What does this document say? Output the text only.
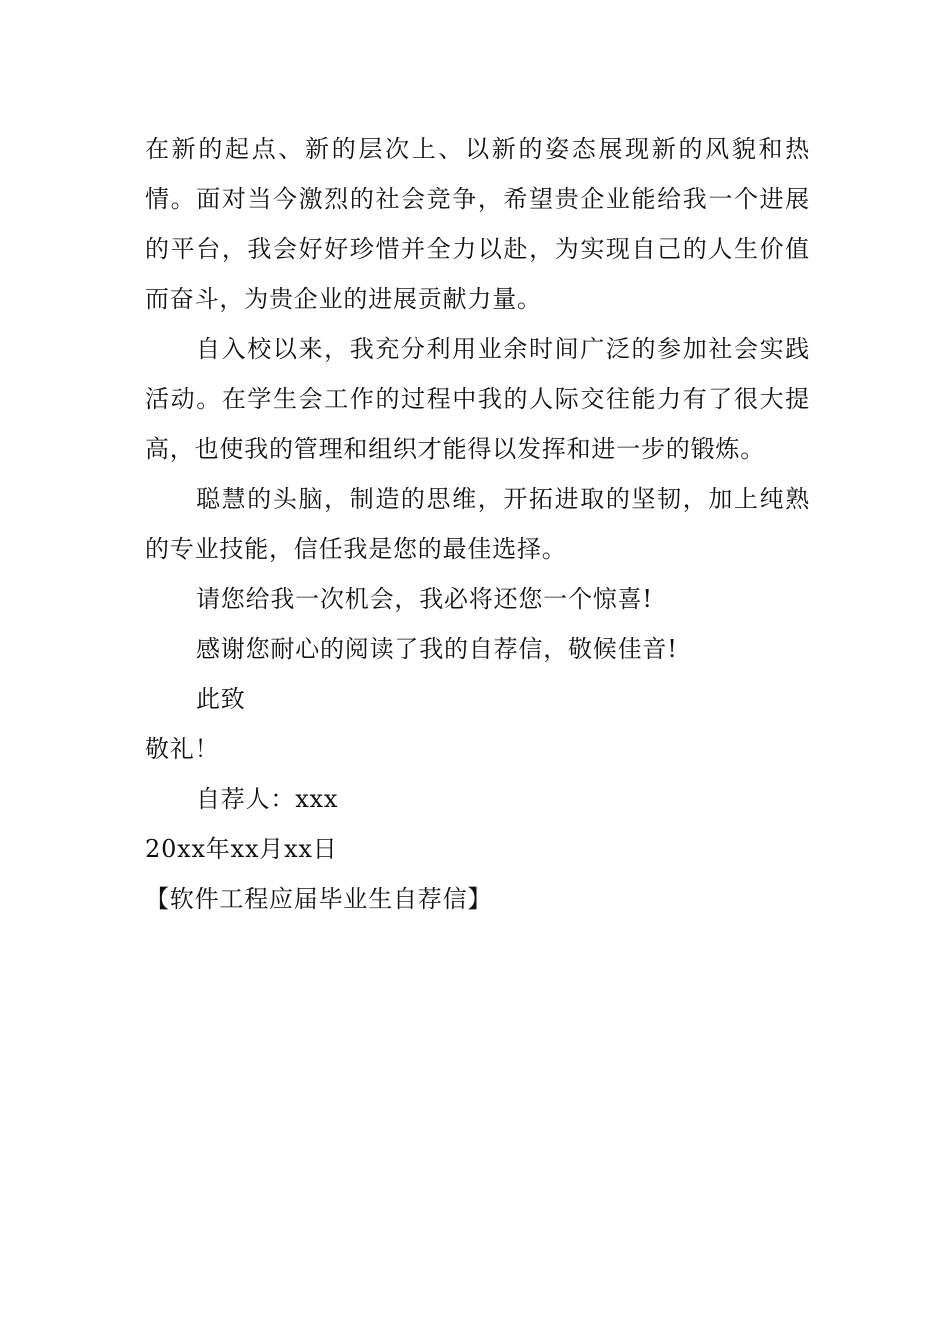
在新的起点、新的层次上、以新的姿态展现新的风貌和热情。面对当今激烈的社会竞争，希望贵企业能给我一个进展的平台，我会好好珍惜并全力以赴，为实现自己的人生价值而奋斗，为贵企业的进展贡献力量。

自入校以来，我充分利用业余时间广泛的参加社会实践活动。在学生会工作的过程中我的人际交往能力有了很大提高，也使我的管理和组织才能得以发挥和进一步的锻炼。

聪慧的头脑，制造的思维，开拓进取的坚韧，加上纯熟的专业技能，信任我是您的最佳选择。

请您给我一次机会，我必将还您一个惊喜!

感谢您耐心的阅读了我的自荐信，敬候佳音!

此致

敬礼！

自荐人：xxx

20xx年xx月xx日

【软件工程应届毕业生自荐信】
